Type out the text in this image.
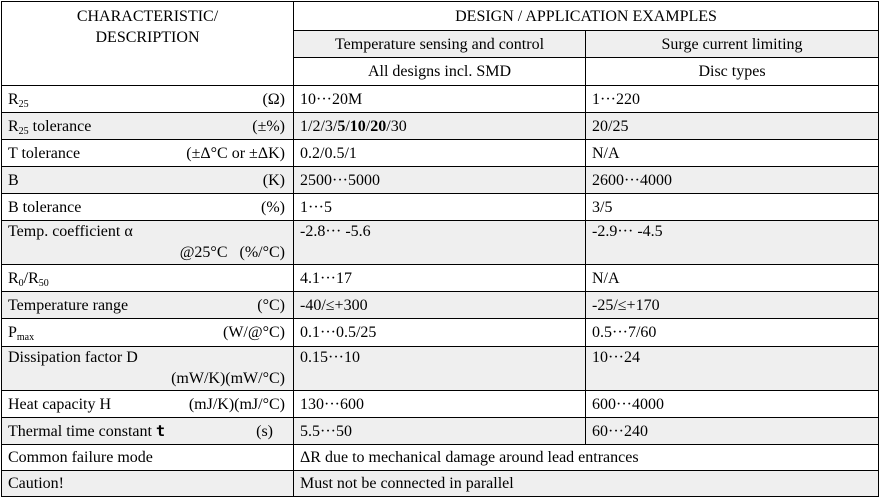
CHARACTERISTIC/
DESCRIPTION	DESIGN / APPLICATION EXAMPLES	
	Temperature sensing and control	Surge current limiting
	All designs incl. SMD	Disc types

$R_{25}$ (Ω)	10···20M	1···220

$R_{25}$ tolerance (±%)	1/2/3/5/10/20/30	20/25

T tolerance (±Δ°C or ±ΔK)	0.2/0.5/1	N/A

B (K)	2500···5000	2600···4000

B tolerance (%)	1···5	3/5

Temp. coefficient α
@25°C   (%/°C)	-2.8··· -5.6	-2.9··· -4.5
$R_0/R_{50}$	4.1···17	N/A

Temperature range (°C)	-40/≤+300	-25/≤+170

$P_{max}$ (W/@°C)	0.1···0.5/25	0.5···7/60

Dissipation factor D
(mW/K)(mW/°C)	0.15···10	10···24

Heat capacity H (mJ/K)(mJ/°C)	130···600	600···4000

Thermal time constant t (s)	5.5···50	60···240
Common failure mode	ΔR due to mechanical damage around lead entrances	
Caution!	Must not be connected in parallel	
